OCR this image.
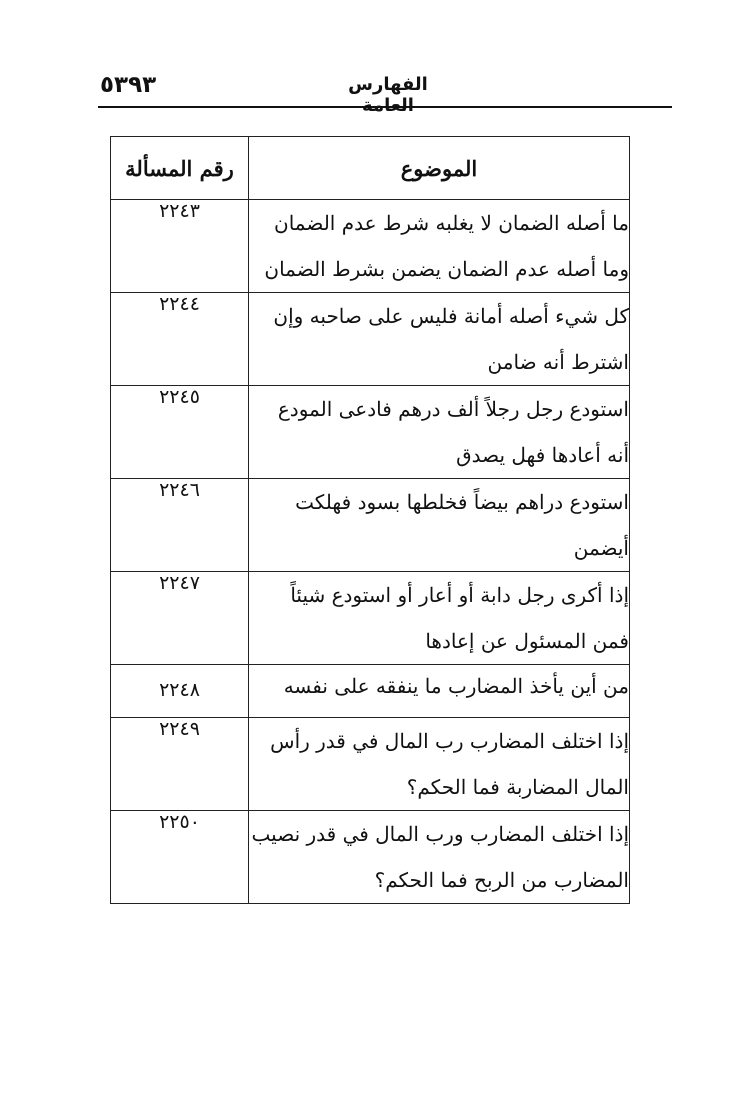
٥٣٩٣	الفهارس العامة
الموضوع	رقم المسألة

ما أصله الضمان لا يغلبه شرط عدم الضمان
وما أصله عدم الضمان يضمن بشرط الضمان	٢٢٤٣

كل شيء أصله أمانة فليس على صاحبه وإن
اشترط أنه ضامن	٢٢٤٤

استودع رجل رجلاً ألف درهم فادعى المودع
أنه أعادها فهل يصدق	٢٢٤٥

استودع دراهم بيضاً فخلطها بسود فهلكت
أيضمن	٢٢٤٦

إذا أكرى رجل دابة أو أعار أو استودع شيئاً
فمن المسئول عن إعادها	٢٢٤٧

من أين يأخذ المضارب ما ينفقه على نفسه	٢٢٤٨

إذا اختلف المضارب رب المال في قدر رأس
المال المضاربة فما الحكم؟	٢٢٤٩

إذا اختلف المضارب ورب المال في قدر نصيب
المضارب من الربح فما الحكم؟	٢٢٥٠
